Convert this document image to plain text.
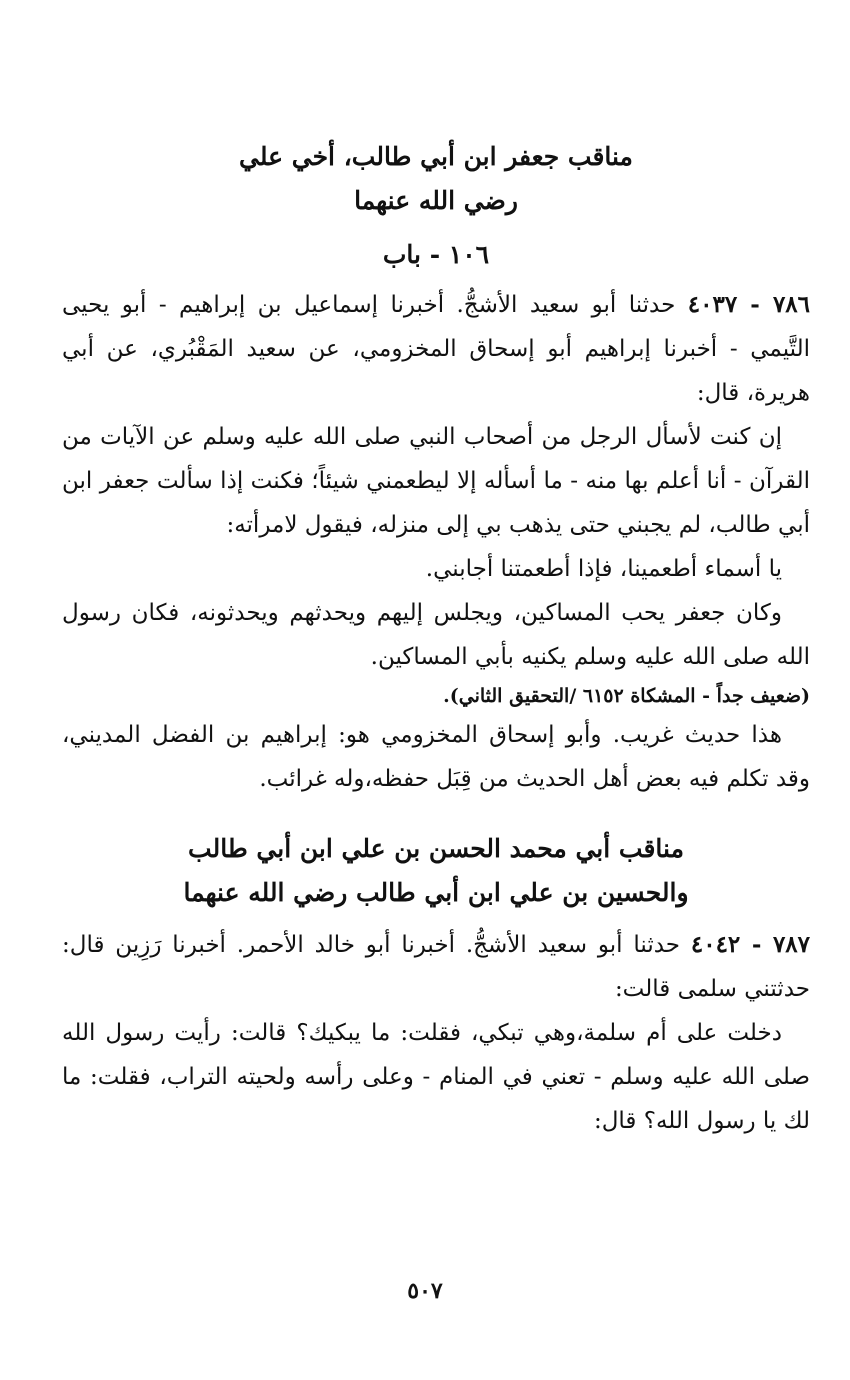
مناقب جعفر ابن أبي طالب، أخي علي
رضي الله عنهما
١٠٦ - باب

٧٨٦ - ٤٠٣٧ حدثنا أبو سعيد الأشجُّ. أخبرنا إسماعيل بن إبراهيم - أبو يحيى التَّيمي - أخبرنا إبراهيم أبو إسحاق المخزومي، عن سعيد المَقْبُري، عن أبي هريرة، قال:

إن كنت لأسأل الرجل من أصحاب النبي صلى الله عليه وسلم عن الآيات من القرآن - أنا أعلم بها منه - ما أسأله إلا ليطعمني شيئاً؛ فكنت إذا سألت جعفر ابن أبي طالب، لم يجبني حتى يذهب بي إلى منزله، فيقول لامرأته:

يا أسماء أطعمينا، فإذا أطعمتنا أجابني.

وكان جعفر يحب المساكين، ويجلس إليهم ويحدثهم ويحدثونه، فكان رسول الله صلى الله عليه وسلم يكنيه بأبي المساكين.

(ضعيف جداً - المشكاة ٦١٥٢ /التحقيق الثاني).

هذا حديث غريب. وأبو إسحاق المخزومي هو: إبراهيم بن الفضل المديني، وقد تكلم فيه بعض أهل الحديث من قِبَل حفظه،وله غرائب.

مناقب أبي محمد الحسن بن علي ابن أبي طالب
والحسين بن علي ابن أبي طالب رضي الله عنهما

٧٨٧ - ٤٠٤٢ حدثنا أبو سعيد الأشجُّ. أخبرنا أبو خالد الأحمر. أخبرنا رَزِين قال: حدثتني سلمى قالت:

دخلت على أم سلمة،وهي تبكي، فقلت: ما يبكيك؟ قالت: رأيت رسول الله صلى الله عليه وسلم - تعني في المنام - وعلى رأسه ولحيته التراب، فقلت: ما لك يا رسول الله؟ قال:

٥٠٧
